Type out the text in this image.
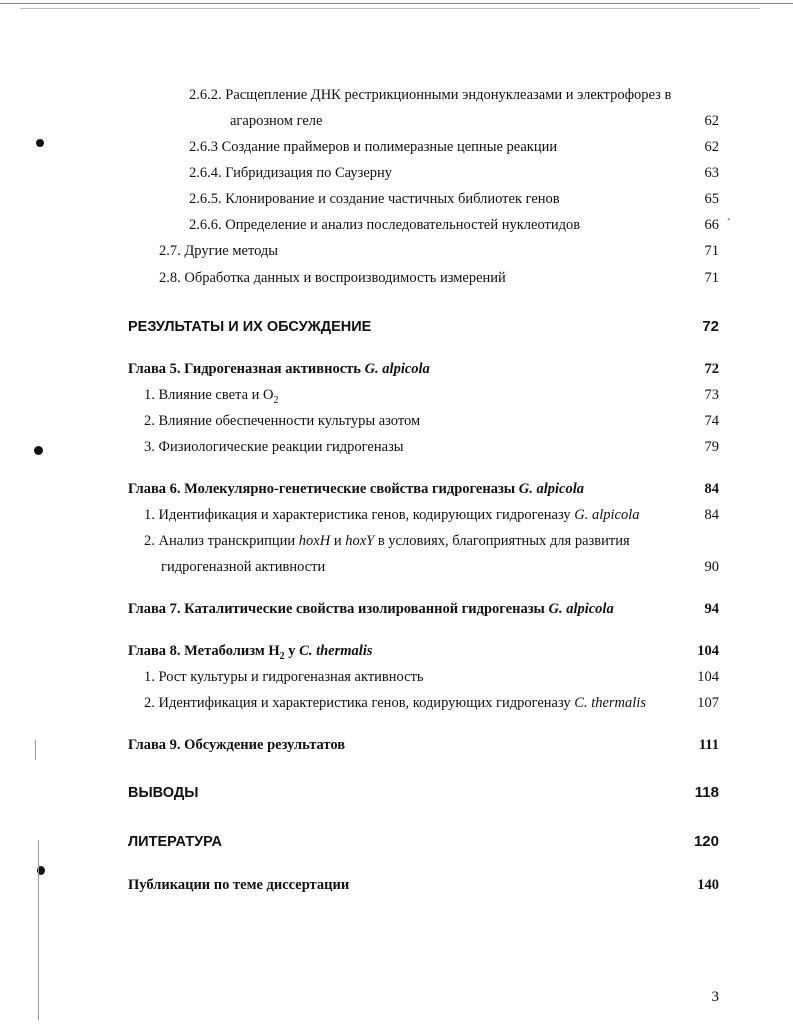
ᐩ
2.6.2. Расщепление ДНК рестрикционными эндонуклеазами и электрофорез в
агарозном геле	62
2.6.3 Создание праймеров и полимеразные цепные реакции	62
2.6.4. Гибридизация по Саузерну	63
2.6.5. Клонирование и создание частичных библиотек генов	65
2.6.6. Определение и анализ последовательностей нуклеотидов	66
2.7. Другие методы	71
2.8. Обработка данных и воспроизводимость измерений	71
РЕЗУЛЬТАТЫ И ИХ ОБСУЖДЕНИЕ	72
Глава 5. Гидрогеназная активность G. alpicola	72
1. Влияние света и $O_2$	73
2. Влияние обеспеченности культуры азотом	74
3. Физиологические реакции гидрогеназы	79
Глава 6. Молекулярно-генетические свойства гидрогеназы G. alpicola	84
1. Идентификация и характеристика генов, кодирующих гидрогеназу G. alpicola	84
2. Анализ транскрипции hoxH и hoxY в условиях, благоприятных для развития
гидрогеназной активности	90
Глава 7. Каталитические свойства изолированной гидрогеназы G. alpicola	94
Глава 8. Метаболизм $H_2$ у C. thermalis	104
1. Рост культуры и гидрогеназная активность	104
2. Идентификация и характеристика генов, кодирующих гидрогеназу C. thermalis	107
Глава 9. Обсуждение результатов	111
ВЫВОДЫ	118
ЛИТЕРАТУРА	120
Публикации по теме диссертации	140
3
